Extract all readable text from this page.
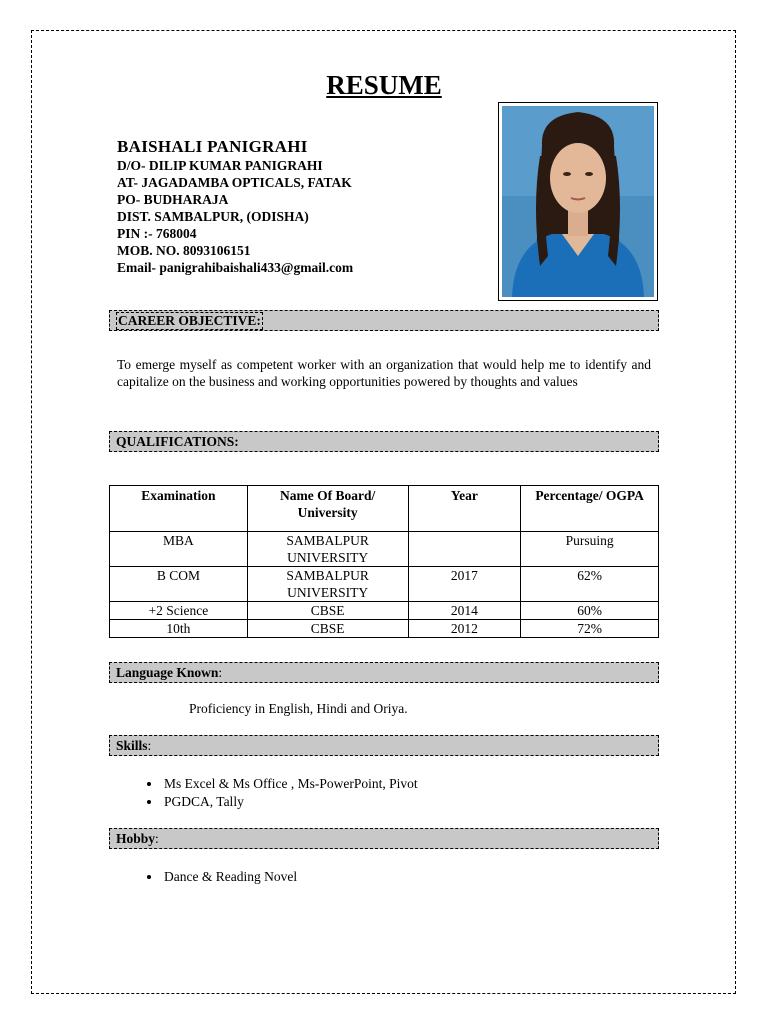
RESUME
BAISHALI PANIGRAHI
D/O- DILIP KUMAR PANIGRAHI
AT- JAGADAMBA OPTICALS, FATAK
PO- BUDHARAJA
DIST. SAMBALPUR, (ODISHA)
PIN :- 768004
MOB. NO. 8093106151
Email- panigrahibaishali433@gmail.com
CAREER OBJECTIVE:
To emerge myself as competent worker with an organization that would help me to identify and capitalize on the business and working opportunities powered by thoughts and values
QUALIFICATIONS:
Examination	Name Of Board/ University	Year	Percentage/ OGPA
MBA	SAMBALPUR UNIVERSITY		Pursuing
B COM	SAMBALPUR UNIVERSITY	2017	62%
+2 Science	CBSE	2014	60%
10th	CBSE	2012	72%
Language Known:
Proficiency in English, Hindi and Oriya.
Skills:
• Ms Excel & Ms Office , Ms-PowerPoint, Pivot
• PGDCA, Tally
Hobby:
• Dance & Reading Novel
